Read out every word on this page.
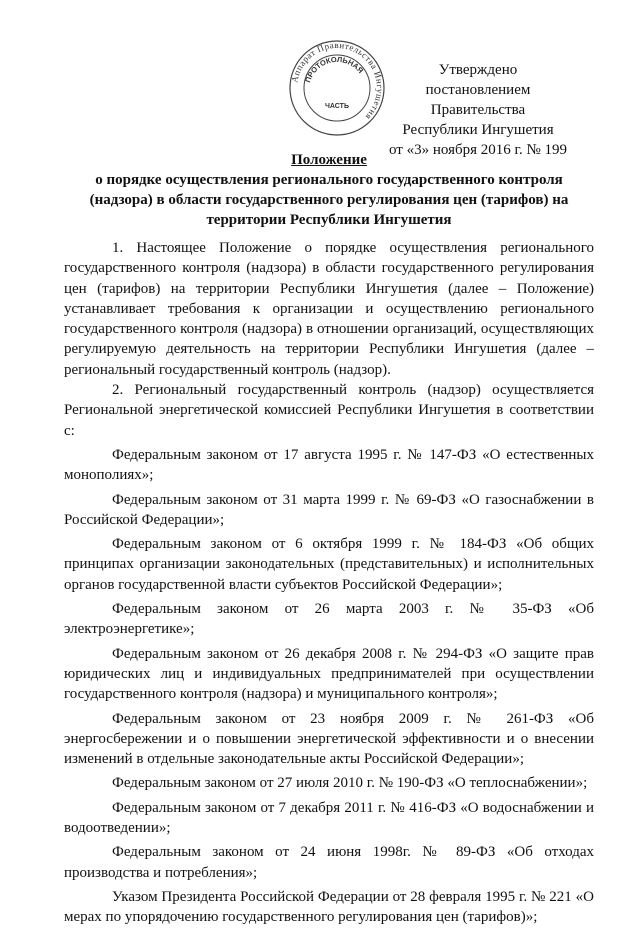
Аппарат Правительства Ингушетия
ПРОТОКОЛЬНАЯ
ЧАСТЬ
Утверждено
постановлением Правительства
Республики Ингушетия
от «3» ноября 2016 г. № 199
Положение
о порядке осуществления регионального государственного контроля
(надзора) в области государственного регулирования цен (тарифов) на
территории Республики Ингушетия

1. Настоящее Положение о порядке осуществления регионального государственного контроля (надзора) в области государственного регулирования цен (тарифов) на территории Республики Ингушетия (далее – Положение) устанавливает требования к организации и осуществлению регионального государственного контроля (надзора) в отношении организаций, осуществляющих регулируемую деятельность на территории Республики Ингушетия (далее – региональный государственный контроль (надзор).

2. Региональный государственный контроль (надзор) осуществляется Региональной энергетической комиссией Республики Ингушетия в соответствии с:

Федеральным законом от 17 августа 1995 г. № 147-ФЗ «О естественных монополиях»;

Федеральным законом от 31 марта 1999 г. № 69-ФЗ «О газоснабжении в Российской Федерации»;

Федеральным законом от 6 октября 1999 г. № 184-ФЗ «Об общих принципах организации законодательных (представительных) и исполнительных органов государственной власти субъектов Российской Федерации»;

Федеральным законом от 26 марта 2003 г. № 35-ФЗ «Об электроэнергетике»;

Федеральным законом от 26 декабря 2008 г. № 294-ФЗ «О защите прав юридических лиц и индивидуальных предпринимателей при осуществлении государственного контроля (надзора) и муниципального контроля»;

Федеральным законом от 23 ноября 2009 г. № 261-ФЗ «Об энергосбережении и о повышении энергетической эффективности и о внесении изменений в отдельные законодательные акты Российской Федерации»;

Федеральным законом от 27 июля 2010 г. № 190-ФЗ «О теплоснабжении»;

Федеральным законом от 7 декабря 2011 г. № 416-ФЗ «О водоснабжении и водоотведении»;

Федеральным законом от 24 июня 1998г. № 89-ФЗ «Об отходах производства и потребления»;

Указом Президента Российской Федерации от 28 февраля 1995 г. № 221 «О мерах по упорядочению государственного регулирования цен (тарифов)»;
